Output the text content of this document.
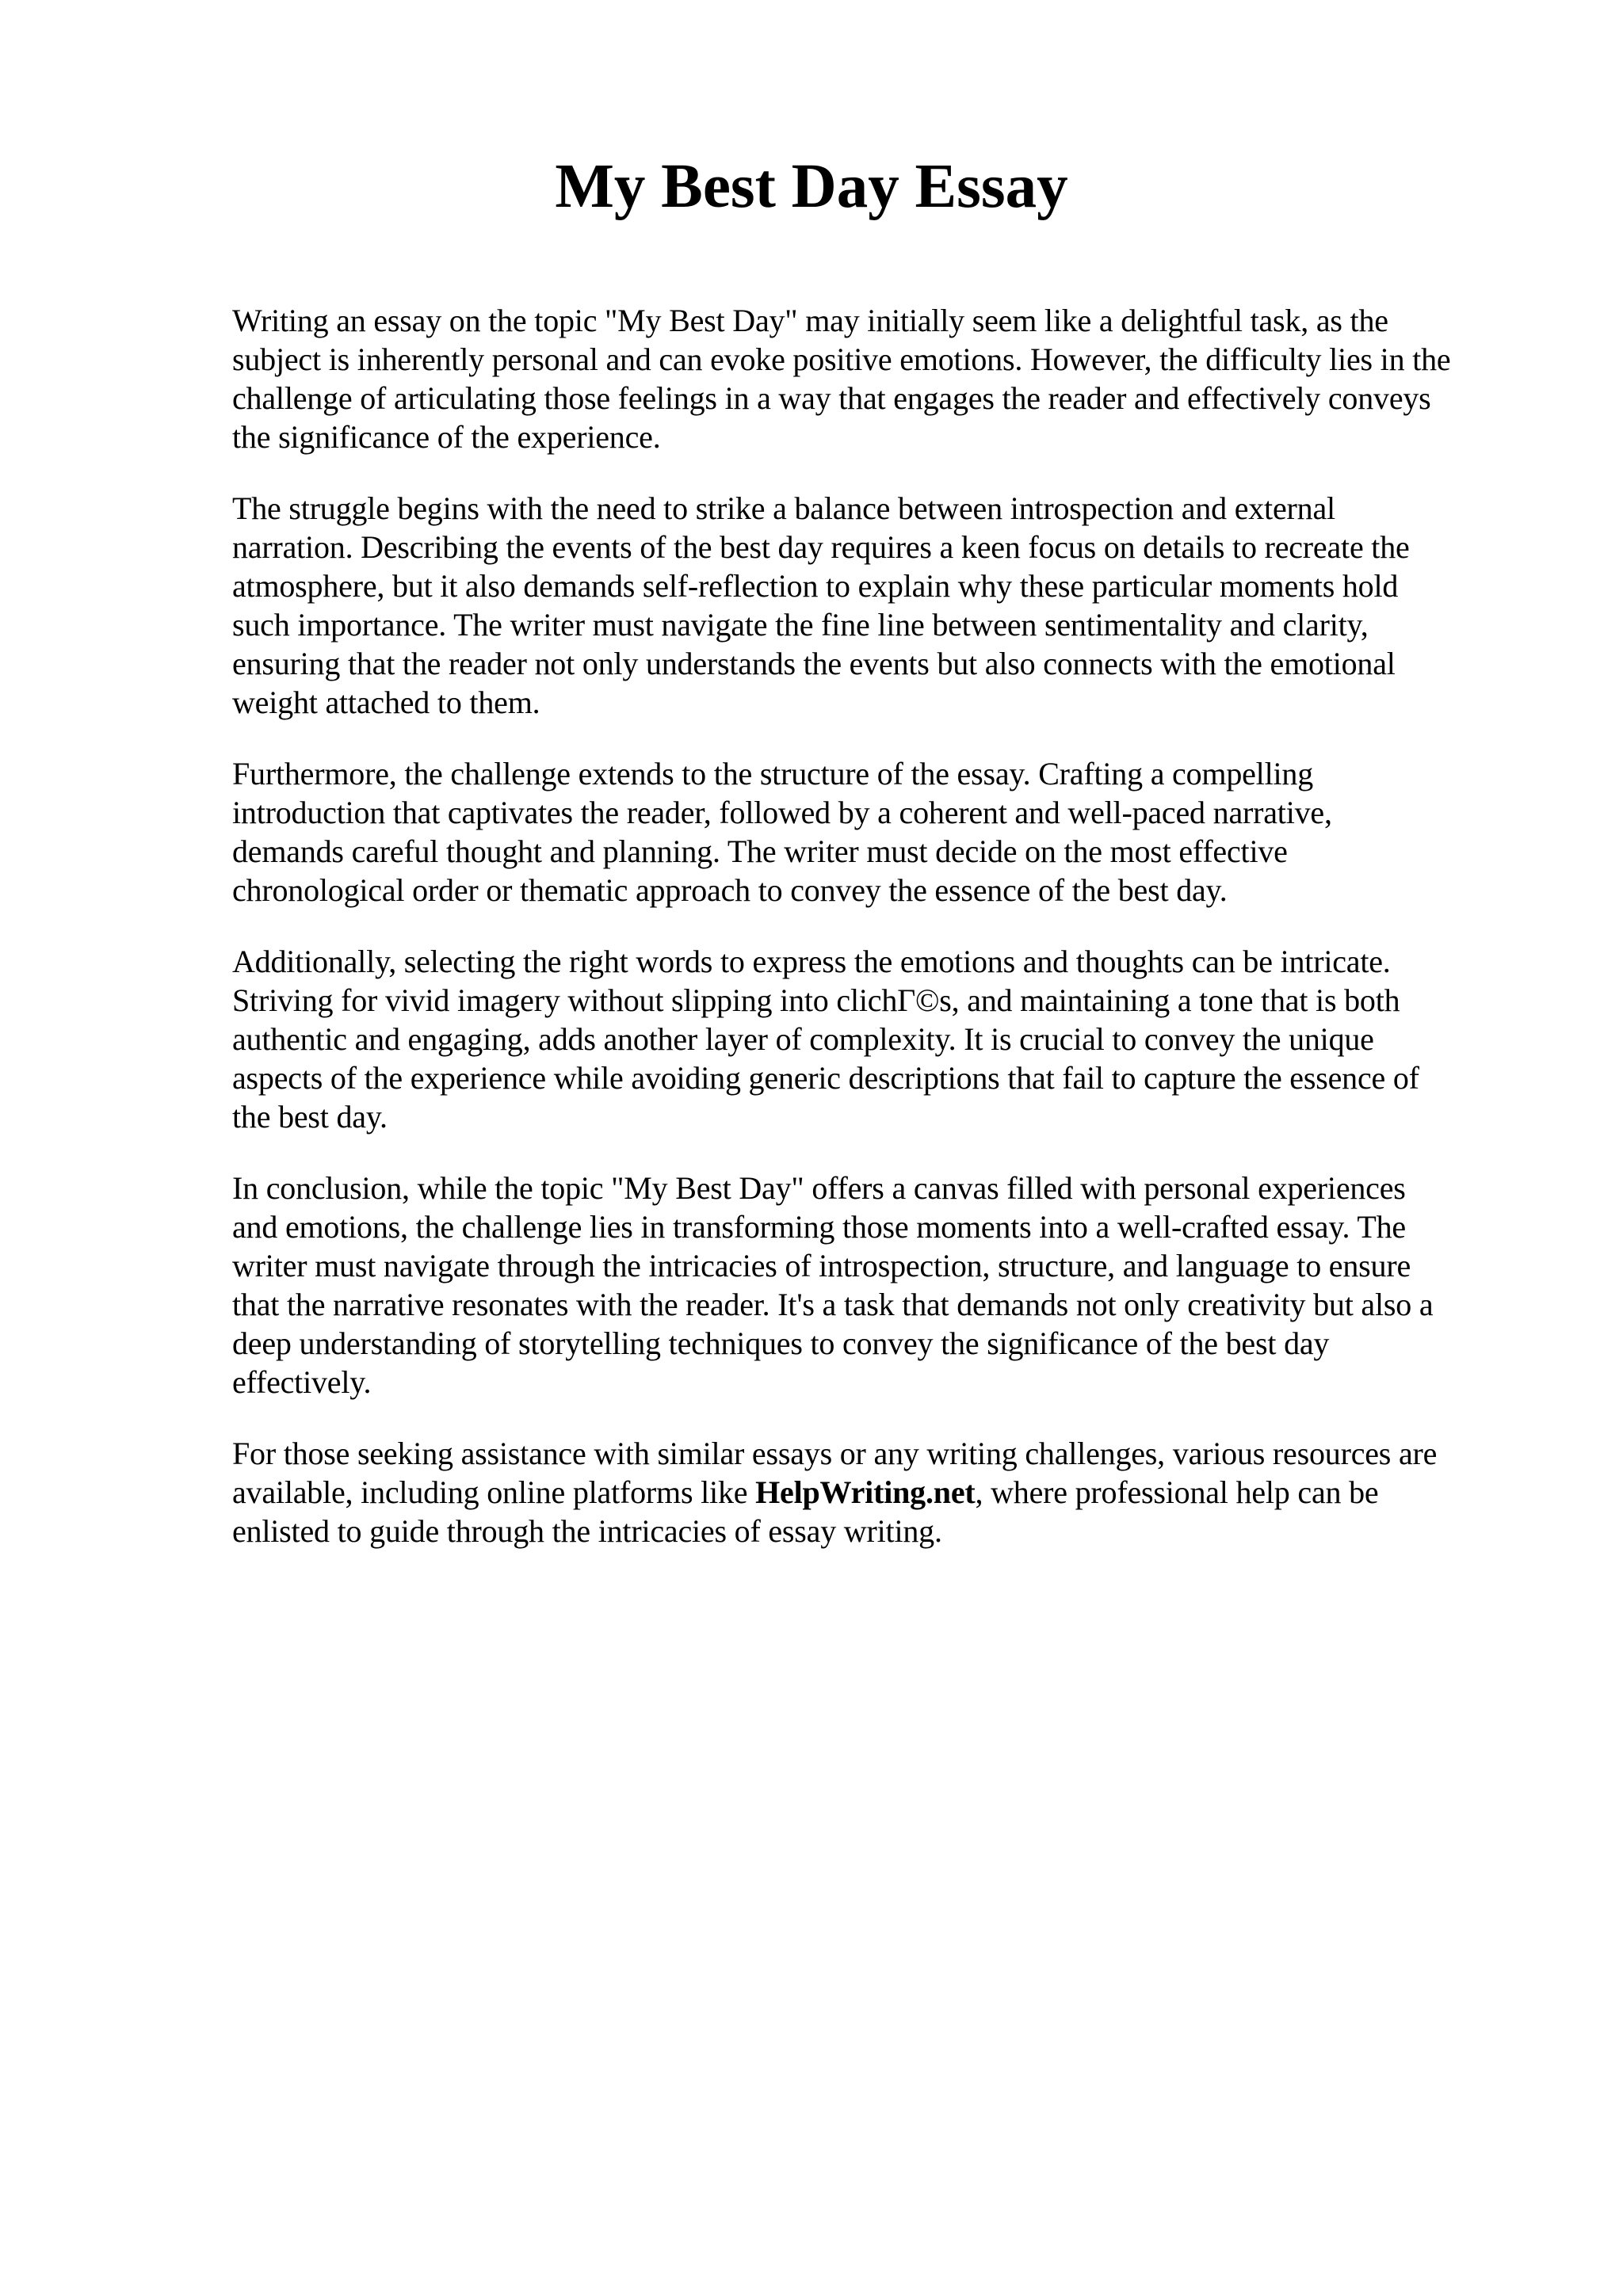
My Best Day Essay

Writing an essay on the topic "My Best Day" may initially seem like a delightful task, as the
subject is inherently personal and can evoke positive emotions. However, the difficulty lies in the
challenge of articulating those feelings in a way that engages the reader and effectively conveys
the significance of the experience.

The struggle begins with the need to strike a balance between introspection and external
narration. Describing the events of the best day requires a keen focus on details to recreate the
atmosphere, but it also demands self-reflection to explain why these particular moments hold
such importance. The writer must navigate the fine line between sentimentality and clarity,
ensuring that the reader not only understands the events but also connects with the emotional
weight attached to them.

Furthermore, the challenge extends to the structure of the essay. Crafting a compelling
introduction that captivates the reader, followed by a coherent and well-paced narrative,
demands careful thought and planning. The writer must decide on the most effective
chronological order or thematic approach to convey the essence of the best day.

Additionally, selecting the right words to express the emotions and thoughts can be intricate.
Striving for vivid imagery without slipping into clichГ©s, and maintaining a tone that is both
authentic and engaging, adds another layer of complexity. It is crucial to convey the unique
aspects of the experience while avoiding generic descriptions that fail to capture the essence of
the best day.

In conclusion, while the topic "My Best Day" offers a canvas filled with personal experiences
and emotions, the challenge lies in transforming those moments into a well-crafted essay. The
writer must navigate through the intricacies of introspection, structure, and language to ensure
that the narrative resonates with the reader. It's a task that demands not only creativity but also a
deep understanding of storytelling techniques to convey the significance of the best day
effectively.

For those seeking assistance with similar essays or any writing challenges, various resources are
available, including online platforms like HelpWriting.net, where professional help can be
enlisted to guide through the intricacies of essay writing.
